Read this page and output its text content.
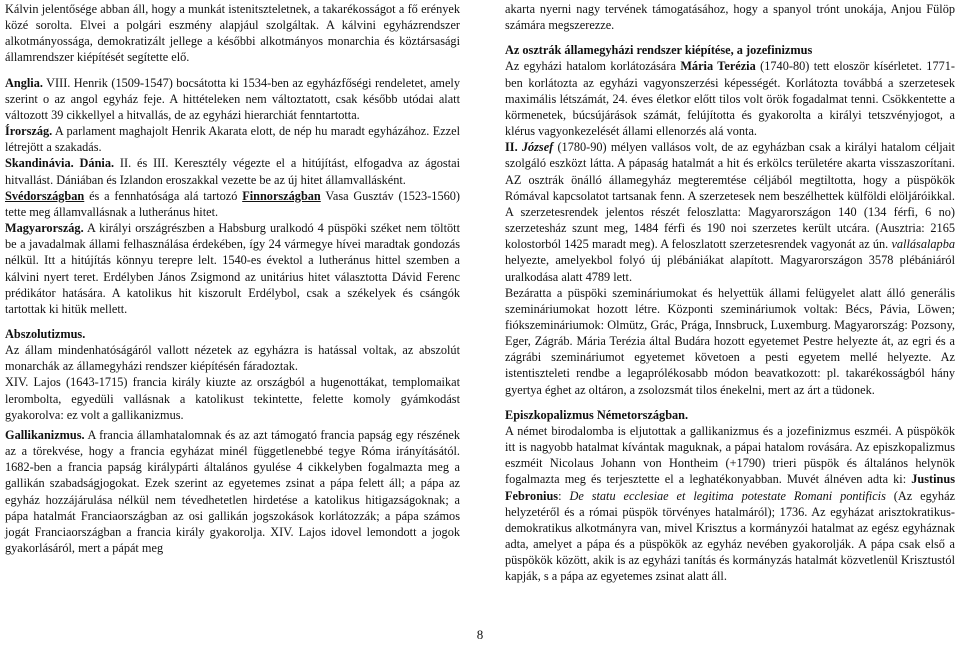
Kálvin jelentősége abban áll, hogy a munkát istenitszteletnek, a takarékosságot a fő erények közé sorolta. Elvei a polgári eszmény alapjául szolgáltak. A kálvini egyházrendszer alkotmányossága, demokratizált jellege a későbbi alkotmányos monarchia és köztársasági államrendszer kiépítését segítette elő.

Anglia. VIII. Henrik (1509-1547) bocsátotta ki 1534-ben az egyházfőségi rendeletet, amely szerint o az angol egyház feje. A hittételeken nem változtatott, csak később utódai alatt változott 39 cikkellyel a hitvallás, de az egyházi hierarchiát fenntartotta.

Írország. A parlament maghajolt Henrik Akarata elott, de nép hu maradt egyházához. Ezzel létrejött a szakadás.

Skandinávia. Dánia. II. és III. Keresztély végezte el a hitújítást, elfogadva az ágostai hitvallást. Dániában és Izlandon eroszakkal vezette be az új hitet államvallásként.

Svédországban és a fennhatósága alá tartozó Finnországban Vasa Gusztáv (1523-1560) tette meg államvallásnak a lutheránus hitet.

Magyarország. A királyi országrészben a Habsburg uralkodó 4 püspöki széket nem töltött be a javadalmak állami felhasználása érdekében, így 24 vármegye hívei maradtak gondozás nélkül. Itt a hitújítás könnyu terepre lelt. 1540-es évektol a lutheránus hittel szemben a kálvini nyert teret. Erdélyben János Zsigmond az unitárius hitet választotta Dávid Ferenc prédikátor hatására. A katolikus hit kiszorult Erdélybol, csak a székelyek és csángók tartottak ki hitük mellett.

Abszolutizmus.

Az állam mindenhatóságáról vallott nézetek az egyházra is hatással voltak, az abszolút monarchák az államegyházi rendszer kiépítésén fáradoztak.

XIV. Lajos (1643-1715) francia király kiuzte az országból a hugenottákat, templomaikat lerombolta, egyedüli vallásnak a katolikust tekintette, felette komoly gyámkodást gyakorolva: ez volt a gallikanizmus.

Gallikanizmus. A francia államhatalomnak és az azt támogató francia papság egy részének az a törekvése, hogy a francia egyházat minél függetlenebbé tegye Róma irányításától. 1682-ben a francia papság királypárti általános gyulése 4 cikkelyben fogalmazta meg a gallikán szabadságjogokat. Ezek szerint az egyetemes zsinat a pápa felett áll; a pápa az egyház hozzájárulása nélkül nem tévedhetetlen hirdetése a katolikus hitigazságoknak; a pápa hatalmát Franciaországban az osi gallikán jogszokások korlátozzák; a pápa számos jogát Franciaországban a francia király gyakorolja. XIV. Lajos idovel lemondott a jogok gyakorlásáról, mert a pápát meg

akarta nyerni nagy tervének támogatásához, hogy a spanyol trónt unokája, Anjou Fülöp számára megszerezze.

Az osztrák államegyházi rendszer kiépítése, a jozefinizmus

Az egyházi hatalom korlátozására Mária Terézia (1740-80) tett eloször kísérletet. 1771-ben korlátozta az egyházi vagyonszerzési képességét. Korlátozta továbbá a szerzetesek maximális létszámát, 24. éves életkor előtt tilos volt örök fogadalmat tenni. Csökkentette a körmenetek, búcsújárások számát, felújította és gyakorolta a királyi tetszvényjogot, a klérus vagyonkezelését állami ellenorzés alá vonta.

II. József (1780-90) mélyen vallásos volt, de az egyházban csak a királyi hatalom céljait szolgáló eszközt látta. A pápaság hatalmát a hit és erkölcs területére akarta visszaszorítani. AZ osztrák önálló államegyház megteremtése céljából megtiltotta, hogy a püspökök Rómával kapcsolatot tartsanak fenn. A szerzetesek nem beszélhettek külföldi elöljáróikkal. A szerzetesrendek jelentos részét feloszlatta: Magyarországon 140 (134 férfi, 6 no) szerzetesház szunt meg, 1484 férfi és 190 noi szerzetes került utcára. (Ausztria: 2165 kolostorból 1425 maradt meg). A feloszlatott szerzetesrendek vagyonát az ún. vallásalapba helyezte, amelyekbol folyó új plébániákat alapított. Magyarországon 3578 plébániáról uralkodása alatt 4789 lett.

Bezáratta a püspöki szemináriumokat és helyettük állami felügyelet alatt álló generális szemináriumokat hozott létre. Központi szemináriumok voltak: Bécs, Pávia, Löwen; fiókszemináriumok: Olmütz, Grác, Prága, Innsbruck, Luxemburg. Magyarország: Pozsony, Eger, Zágráb. Mária Terézia által Budára hozott egyetemet Pestre helyezte át, az egri és a zágrábi szemináriumot egyetemet követoen a pesti egyetem mellé helyezte. Az istentiszteleti rendbe a legaprólékosabb módon beavatkozott: pl. takarékosságból hány gyertya éghet az oltáron, a zsolozsmát tilos énekelni, mert az árt a tüdonek.

Episzkopalizmus Németországban.

A német birodalomba is eljutottak a gallikanizmus és a jozefinizmus eszméi. A püspökök itt is nagyobb hatalmat kívántak maguknak, a pápai hatalom rovására. Az episzkopalizmus eszméit Nicolaus Johann von Hontheim (+1790) trieri püspök és általános helynök fogalmazta meg és terjesztette el a leghatékonyabban. Muvét álnéven adta ki: Justinus Febronius: De statu ecclesiae et legitima potestate Romani pontificis (Az egyház helyzetéről és a római püspök törvényes hatalmáról); 1736. Az egyházat arisztokratikus-demokratikus alkotmányra van, mivel Krisztus a kormányzói hatalmat az egész egyháznak adta, amelyet a pápa és a püspökök az egyház nevében gyakorolják. A pápa csak első a püspökök között, akik is az egyházi tanítás és kormányzás hatalmát közvetlenül Krisztustól kapják, s a pápa az egyetemes zsinat alatt áll.

8
